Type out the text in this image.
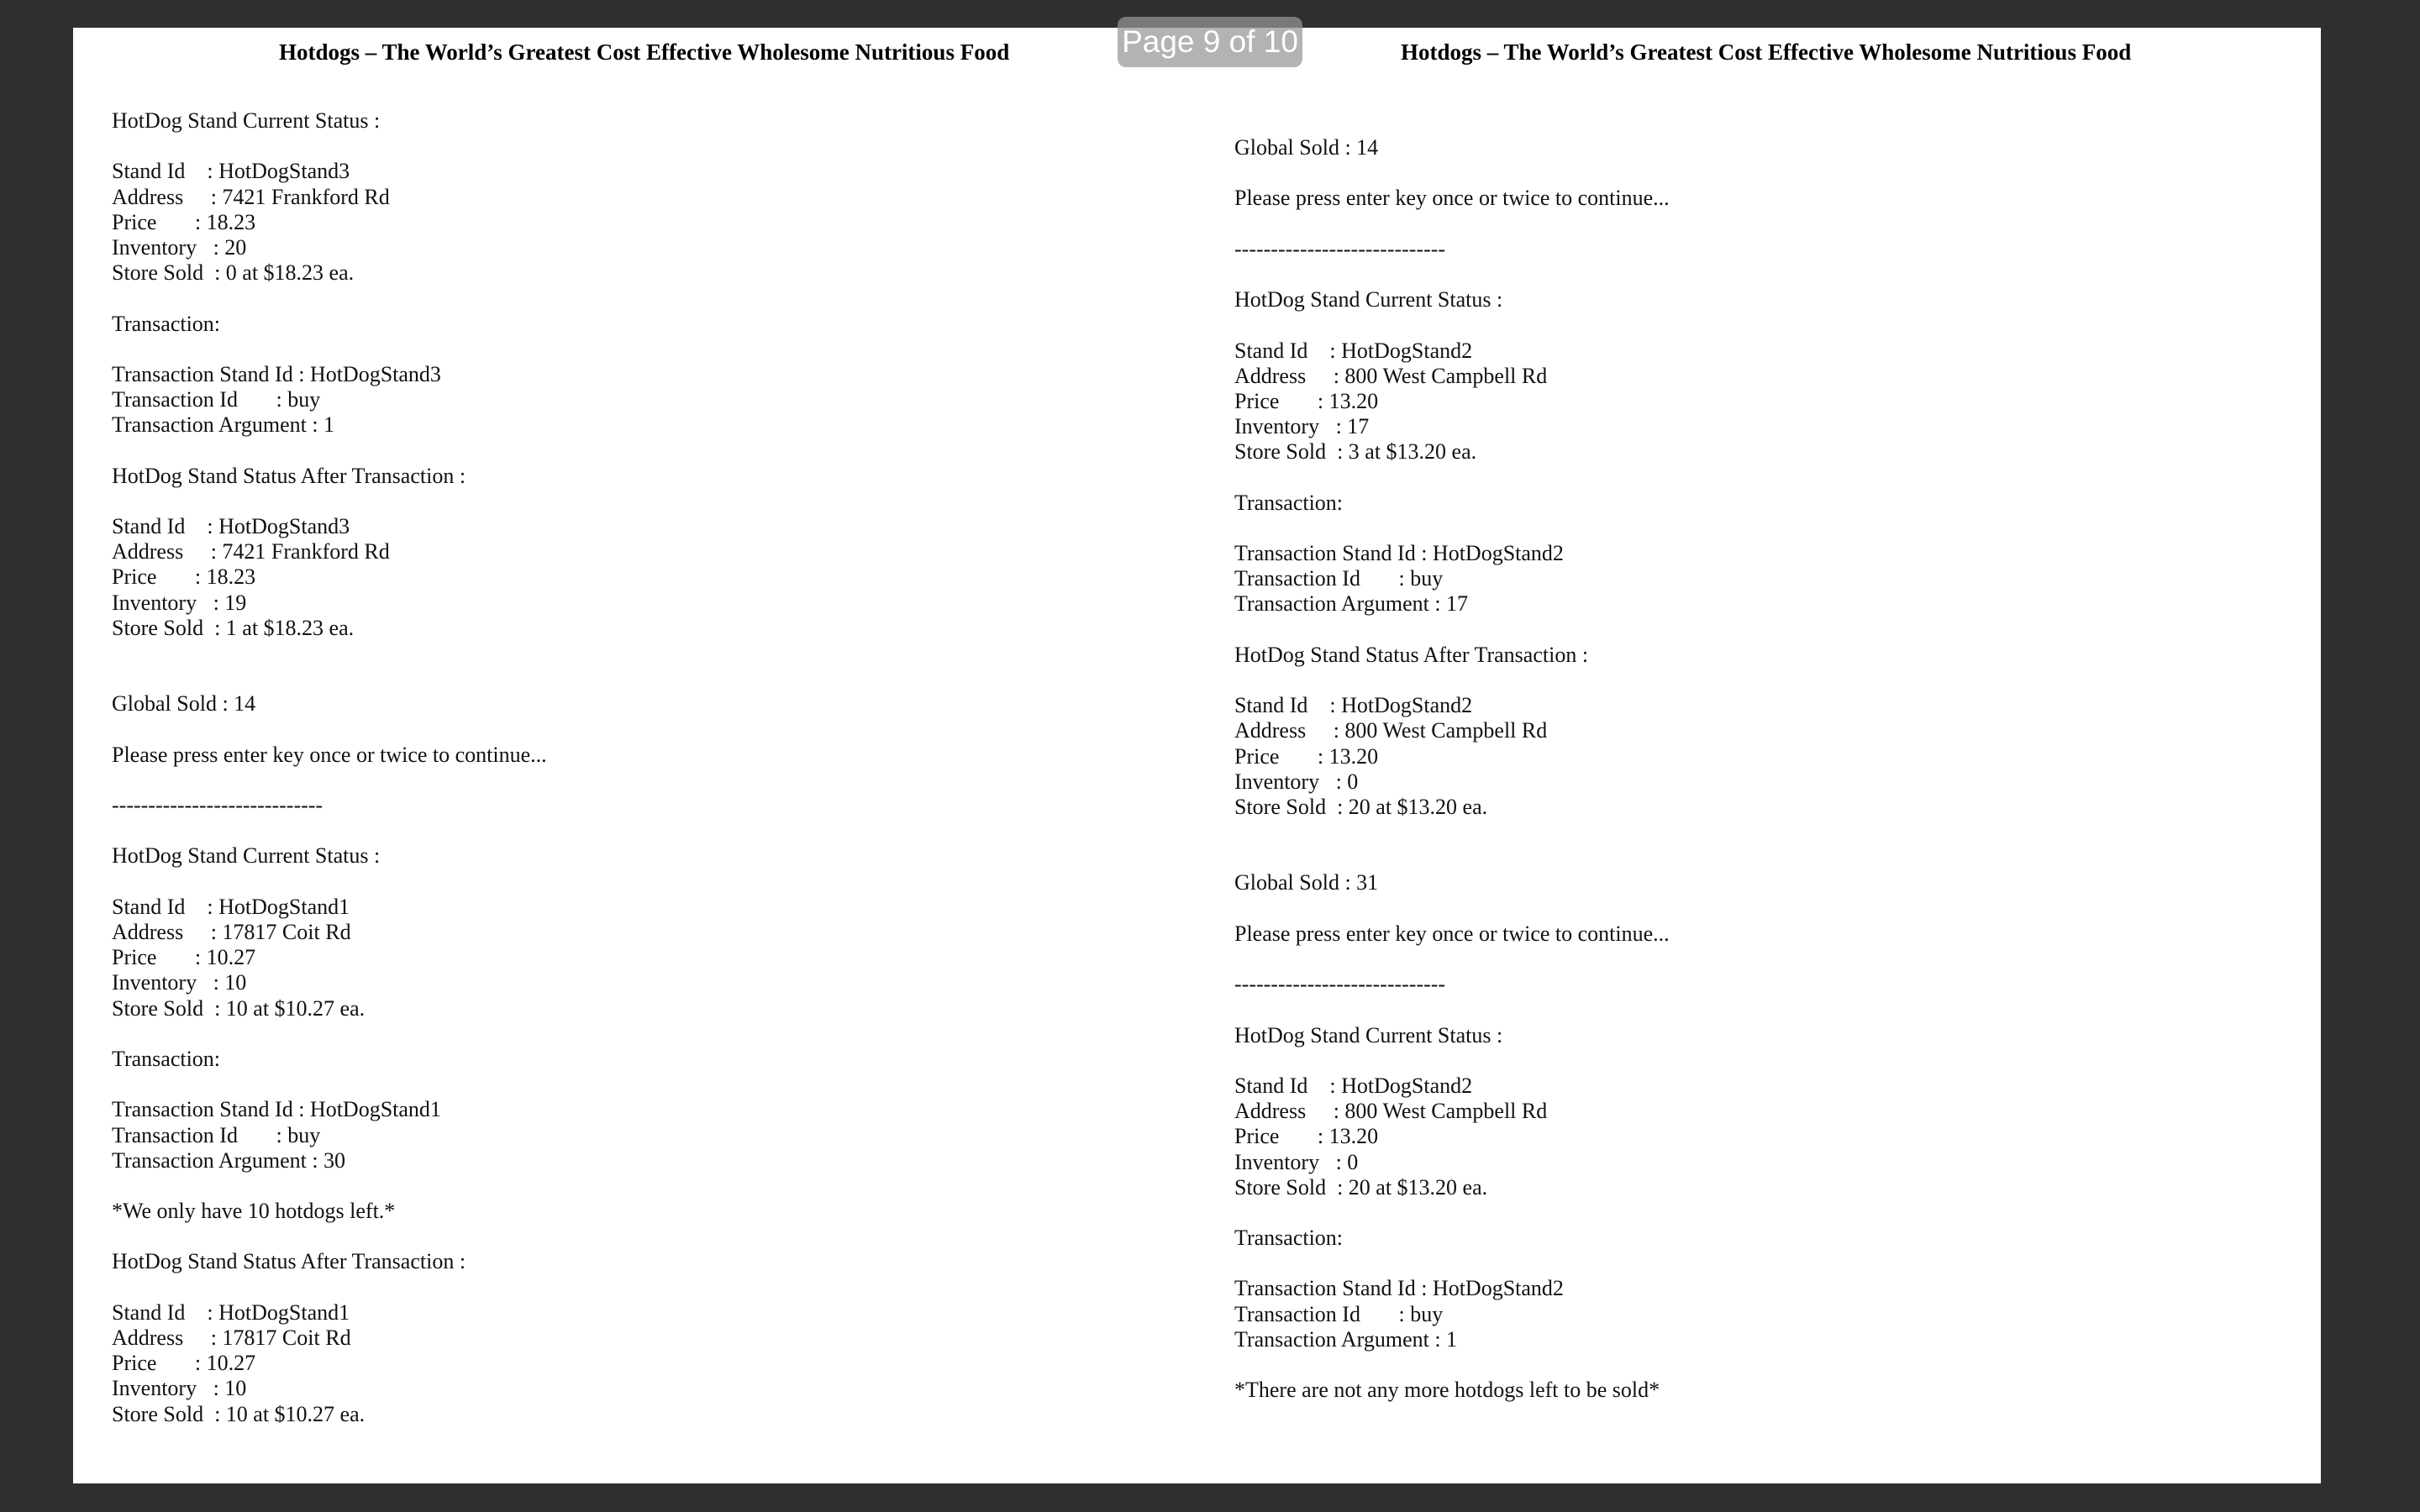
Page 9 of 10
Hotdogs – The World’s Greatest Cost Effective Wholesome Nutritious Food	Hotdogs – The World’s Greatest Cost Effective Wholesome Nutritious Food
HotDog Stand Current Status :
Stand Id    : HotDogStand3
Address     : 7421 Frankford Rd
Price       : 18.23
Inventory   : 20
Store Sold  : 0 at $18.23 ea.
Transaction:
Transaction Stand Id : HotDogStand3
Transaction Id       : buy
Transaction Argument : 1
HotDog Stand Status After Transaction :
Stand Id    : HotDogStand3
Address     : 7421 Frankford Rd
Price       : 18.23
Inventory   : 19
Store Sold  : 1 at $18.23 ea.
Global Sold : 14
Please press enter key once or twice to continue...
-----------------------------
HotDog Stand Current Status :
Stand Id    : HotDogStand1
Address     : 17817 Coit Rd
Price       : 10.27
Inventory   : 10
Store Sold  : 10 at $10.27 ea.
Transaction:
Transaction Stand Id : HotDogStand1
Transaction Id       : buy
Transaction Argument : 30
*We only have 10 hotdogs left.*
HotDog Stand Status After Transaction :
Stand Id    : HotDogStand1
Address     : 17817 Coit Rd
Price       : 10.27
Inventory   : 10
Store Sold  : 10 at $10.27 ea.
Global Sold : 14
Please press enter key once or twice to continue...
-----------------------------
HotDog Stand Current Status :
Stand Id    : HotDogStand2
Address     : 800 West Campbell Rd
Price       : 13.20
Inventory   : 17
Store Sold  : 3 at $13.20 ea.
Transaction:
Transaction Stand Id : HotDogStand2
Transaction Id       : buy
Transaction Argument : 17
HotDog Stand Status After Transaction :
Stand Id    : HotDogStand2
Address     : 800 West Campbell Rd
Price       : 13.20
Inventory   : 0
Store Sold  : 20 at $13.20 ea.
Global Sold : 31
Please press enter key once or twice to continue...
-----------------------------
HotDog Stand Current Status :
Stand Id    : HotDogStand2
Address     : 800 West Campbell Rd
Price       : 13.20
Inventory   : 0
Store Sold  : 20 at $13.20 ea.
Transaction:
Transaction Stand Id : HotDogStand2
Transaction Id       : buy
Transaction Argument : 1
*There are not any more hotdogs left to be sold*
